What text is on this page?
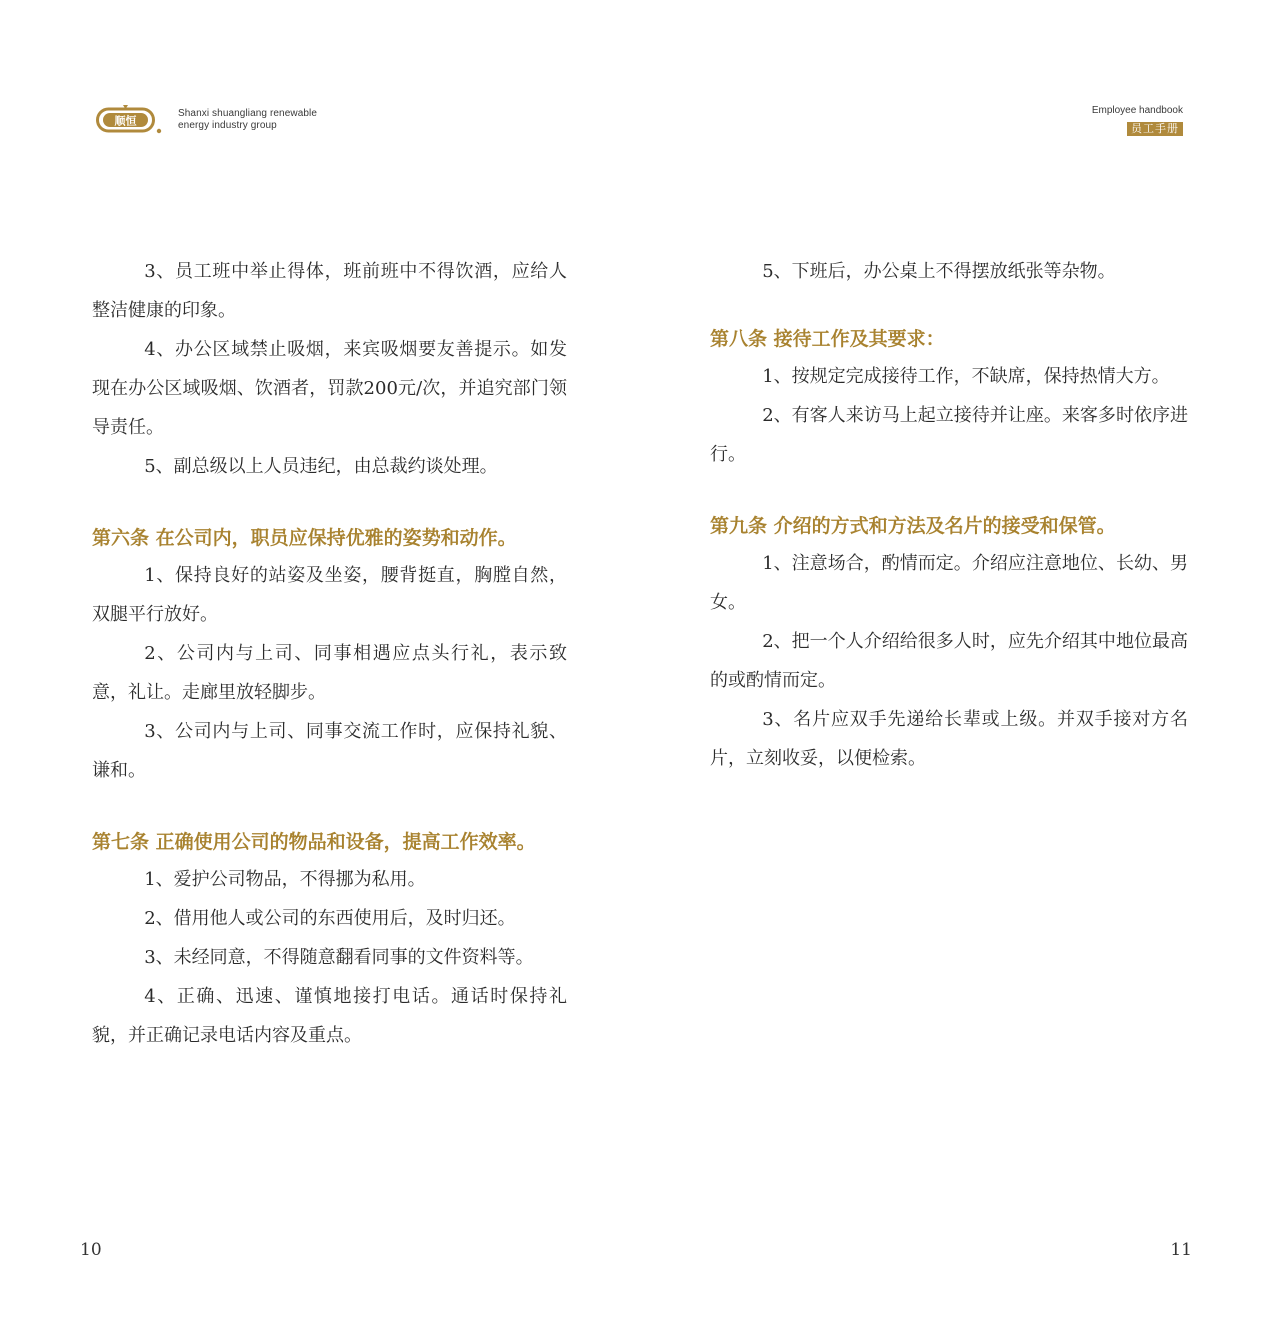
顺恒
Shanxi shuangliang renewable
energy industry group
Employee handbook
员工手册

3、员工班中举止得体，班前班中不得饮酒，应给人整洁健康的印象。

4、办公区域禁止吸烟，来宾吸烟要友善提示。如发现在办公区域吸烟、饮酒者，罚款200元/次，并追究部门领导责任。

5、副总级以上人员违纪，由总裁约谈处理。

第六条 在公司内，职员应保持优雅的姿势和动作。

1、保持良好的站姿及坐姿，腰背挺直，胸膛自然，双腿平行放好。

2、公司内与上司、同事相遇应点头行礼，表示致意，礼让。走廊里放轻脚步。

3、公司内与上司、同事交流工作时，应保持礼貌、谦和。

第七条 正确使用公司的物品和设备，提高工作效率。

1、爱护公司物品，不得挪为私用。

2、借用他人或公司的东西使用后，及时归还。

3、未经同意，不得随意翻看同事的文件资料等。

4、正确、迅速、谨慎地接打电话。通话时保持礼貌，并正确记录电话内容及重点。

5、下班后，办公桌上不得摆放纸张等杂物。

第八条 接待工作及其要求：

1、按规定完成接待工作，不缺席，保持热情大方。

2、有客人来访马上起立接待并让座。来客多时依序进行。

第九条 介绍的方式和方法及名片的接受和保管。

1、注意场合，酌情而定。介绍应注意地位、长幼、男女。

2、把一个人介绍给很多人时，应先介绍其中地位最高的或酌情而定。

3、名片应双手先递给长辈或上级。并双手接对方名片，立刻收妥，以便检索。

10	11
